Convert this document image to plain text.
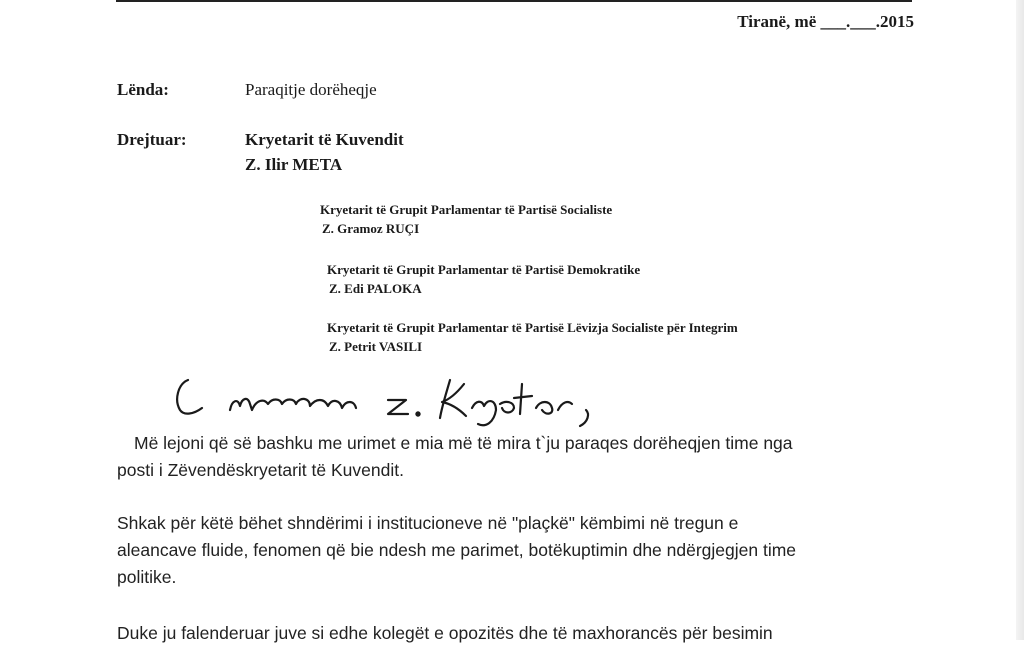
Tiranë, më ___.___.2015
Lënda:	Paraqitje dorëheqje
Drejtuar:	Kryetarit të Kuvendit
Z. Ilir META
Kryetarit të Grupit Parlamentar të Partisë Socialiste
Z. Gramoz RUÇI
Kryetarit të Grupit Parlamentar të Partisë Demokratike
Z. Edi PALOKA
Kryetarit të Grupit Parlamentar të Partisë Lëvizja Socialiste për Integrim
Z. Petrit VASILI
Më lejoni që së bashku me urimet e mia më të mira t`ju paraqes dorëheqjen time nga
posti i Zëvendëskryetarit të Kuvendit.
Shkak për këtë bëhet shndërimi i institucioneve në "plaçkë" këmbimi në tregun e
aleancave fluide, fenomen që bie ndesh me parimet, botëkuptimin dhe ndërgjegjen time
politike.
Duke ju falenderuar juve si edhe kolegët e opozitës dhe të maxhorancës për besimin
